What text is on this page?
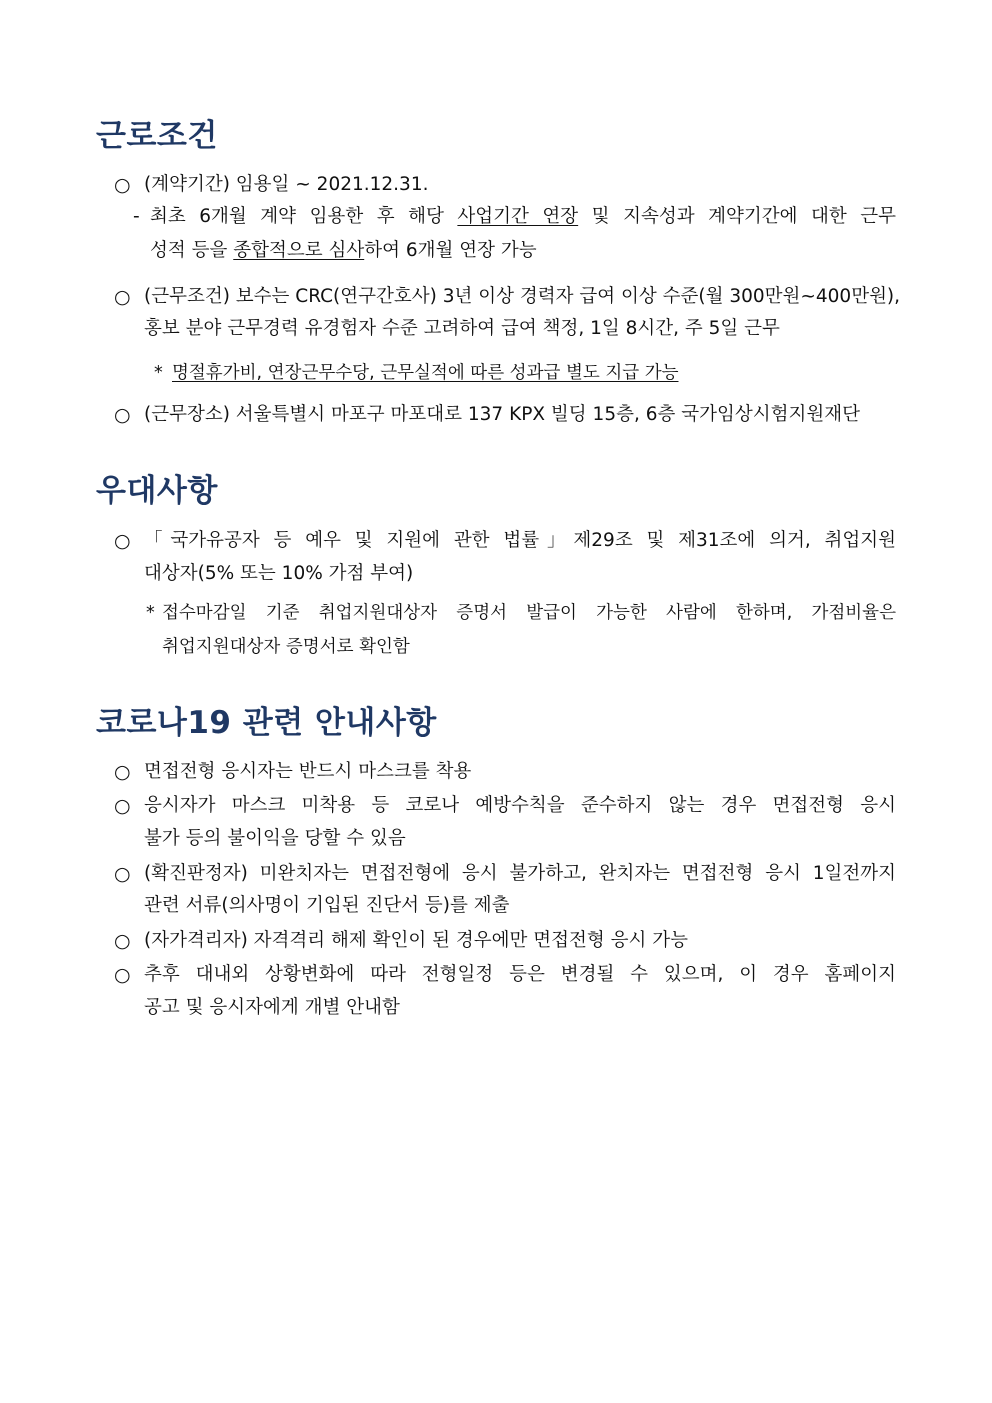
근로조건
○ (계약기간) 임용일 ~ 2021.12.31.
- 최초 6개월 계약 임용한 후 해당 사업기간 연장 및 지속성과 계약기간에 대한 근무
성적 등을 종합적으로 심사하여 6개월 연장 가능
○ (근무조건) 보수는 CRC(연구간호사) 3년 이상 경력자 급여 이상 수준(월 300만원~400만원),
홍보 분야 근무경력 유경험자 수준 고려하여 급여 책정, 1일 8시간, 주 5일 근무
* 명절휴가비, 연장근무수당, 근무실적에 따른 성과급 별도 지급 가능
○ (근무장소) 서울특별시 마포구 마포대로 137 KPX 빌딩 15층, 6층 국가임상시험지원재단
우대사항
○ 「국가유공자 등 예우 및 지원에 관한 법률」제29조 및 제31조에 의거, 취업지원
대상자(5% 또는 10% 가점 부여)
* 접수마감일 기준 취업지원대상자 증명서 발급이 가능한 사람에 한하며, 가점비율은
취업지원대상자 증명서로 확인함
코로나19 관련 안내사항
○ 면접전형 응시자는 반드시 마스크를 착용
○ 응시자가 마스크 미착용 등 코로나 예방수칙을 준수하지 않는 경우 면접전형 응시
불가 등의 불이익을 당할 수 있음
○ (확진판정자) 미완치자는 면접전형에 응시 불가하고, 완치자는 면접전형 응시 1일전까지
관련 서류(의사명이 기입된 진단서 등)를 제출
○ (자가격리자) 자격격리 해제 확인이 된 경우에만 면접전형 응시 가능
○ 추후 대내외 상황변화에 따라 전형일정 등은 변경될 수 있으며, 이 경우 홈페이지
공고 및 응시자에게 개별 안내함
